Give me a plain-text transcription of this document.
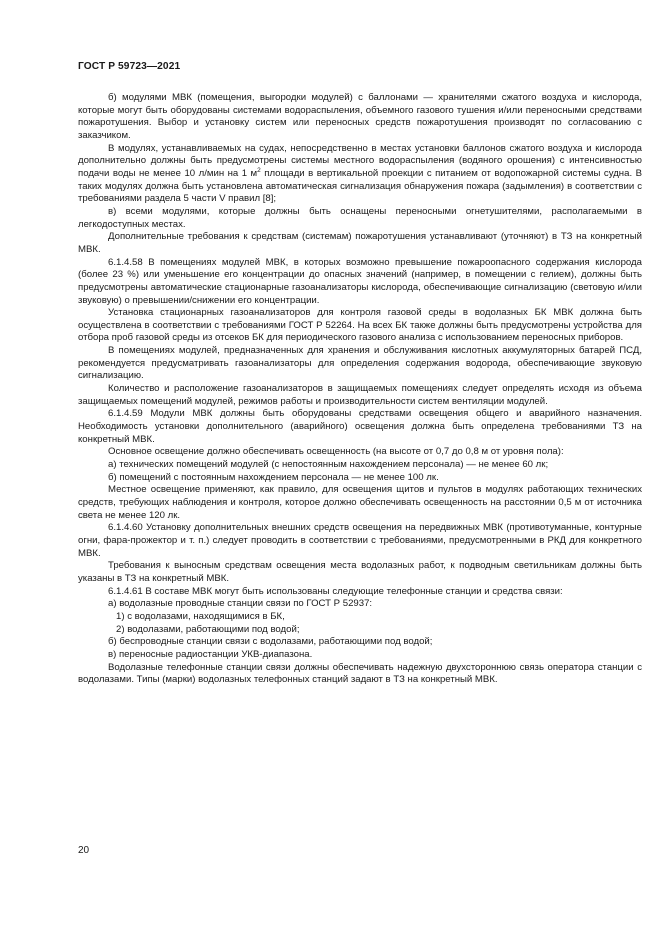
ГОСТ Р 59723—2021

б) модулями МВК (помещения, выгородки модулей) с баллонами — хранителями сжатого воздуха и кислорода, которые могут быть оборудованы системами водораспыления, объемного газового тушения и/или переносными средствами пожаротушения. Выбор и установку систем или переносных средств пожаротушения производят по согласованию с заказчиком.

В модулях, устанавливаемых на судах, непосредственно в местах установки баллонов сжатого воздуха и кислорода дополнительно должны быть предусмотрены системы местного водораспыления (водяного орошения) с интенсивностью подачи воды не менее 10 л/мин на 1 $м^2$ площади в вертикальной проекции с питанием от водопожарной системы судна. В таких модулях должна быть установлена автоматическая сигнализация обнаружения пожара (задымления) в соответствии с требованиями раздела 5 части V правил [8];

в) всеми модулями, которые должны быть оснащены переносными огнетушителями, располагаемыми в легкодоступных местах.

Дополнительные требования к средствам (системам) пожаротушения устанавливают (уточняют) в ТЗ на конкретный МВК.

6.1.4.58 В помещениях модулей МВК, в которых возможно превышение пожароопасного содержания кислорода (более 23 %) или уменьшение его концентрации до опасных значений (например, в помещении с гелием), должны быть предусмотрены автоматические стационарные газоанализаторы кислорода, обеспечивающие сигнализацию (световую и/или звуковую) о превышении/снижении его концентрации.

Установка стационарных газоанализаторов для контроля газовой среды в водолазных БК МВК должна быть осуществлена в соответствии с требованиями ГОСТ Р 52264. На всех БК также должны быть предусмотрены устройства для отбора проб газовой среды из отсеков БК для периодического газового анализа с использованием переносных приборов.

В помещениях модулей, предназначенных для хранения и обслуживания кислотных аккумуляторных батарей ПСД, рекомендуется предусматривать газоанализаторы для определения содержания водорода, обеспечивающие звуковую сигнализацию.

Количество и расположение газоанализаторов в защищаемых помещениях следует определять исходя из объема защищаемых помещений модулей, режимов работы и производительности систем вентиляции модулей.

6.1.4.59 Модули МВК должны быть оборудованы средствами освещения общего и аварийного назначения. Необходимость установки дополнительного (аварийного) освещения должна быть определена требованиями ТЗ на конкретный МВК.

Основное освещение должно обеспечивать освещенность (на высоте от 0,7 до 0,8 м от уровня пола):

а) технических помещений модулей (с непостоянным нахождением персонала) — не менее 60 лк;

б) помещений с постоянным нахождением персонала — не менее 100 лк.

Местное освещение применяют, как правило, для освещения щитов и пультов в модулях работающих технических средств, требующих наблюдения и контроля, которое должно обеспечивать освещенность на расстоянии 0,5 м от источника света не менее 120 лк.

6.1.4.60 Установку дополнительных внешних средств освещения на передвижных МВК (противотуманные, контурные огни, фара-прожектор и т. п.) следует проводить в соответствии с требованиями, предусмотренными в РКД для конкретного МВК.

Требования к выносным средствам освещения места водолазных работ, к подводным светильникам должны быть указаны в ТЗ на конкретный МВК.

6.1.4.61 В составе МВК могут быть использованы следующие телефонные станции и средства связи:

а) водолазные проводные станции связи по ГОСТ Р 52937:

1) с водолазами, находящимися в БК,

2) водолазами, работающими под водой;

б) беспроводные станции связи с водолазами, работающими под водой;

в) переносные радиостанции УКВ-диапазона.

Водолазные телефонные станции связи должны обеспечивать надежную двухстороннюю связь оператора станции с водолазами. Типы (марки) водолазных телефонных станций задают в ТЗ на конкретный МВК.

20
